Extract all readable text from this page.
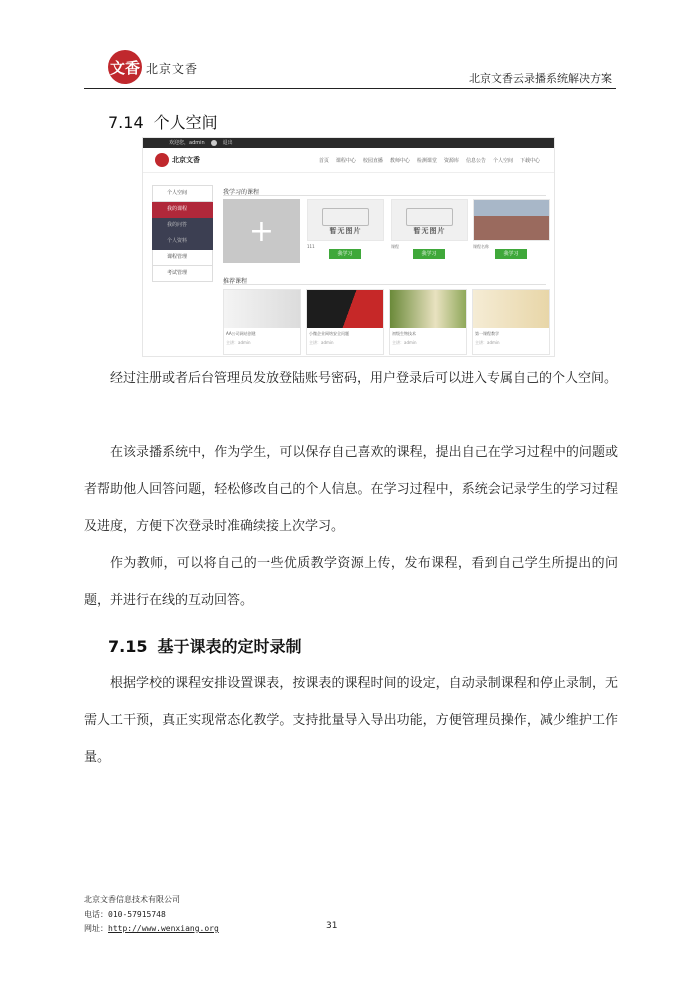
文香 北京文香
北京文香云录播系统解决方案
7.14 个人空间
欢迎您，admin	退出
北京文香	首页 课程中心 校园直播 教师中心 检测课堂 资源库 信息公告 个人空间 下载中心
个人空间
我的课程
我的问答
个人资料
课程管理
考试管理
我学习的课程
+	暂无图片
111
我学习
暂无图片
课程
我学习
课程名称
我学习
推荐课程
AA公司网站创建
主讲：admin
小微企业网络安全问题
主讲：admin
初级生物技术
主讲：admin
第一课程教学
主讲：admin
经过注册或者后台管理员发放登陆账号密码，用户登录后可以进入专属自己的个人空间。
在该录播系统中，作为学生，可以保存自己喜欢的课程，提出自己在学习过程中的问题或者帮助他人回答问题，轻松修改自己的个人信息。在学习过程中，系统会记录学生的学习过程及进度，方便下次登录时准确续接上次学习。
作为教师，可以将自己的一些优质教学资源上传，发布课程，看到自己学生所提出的问题，并进行在线的互动回答。
7.15 基于课表的定时录制
根据学校的课程安排设置课表，按课表的课程时间的设定，自动录制课程和停止录制，无需人工干预，真正实现常态化教学。支持批量导入导出功能，方便管理员操作，减少维护工作量。
北京文香信息技术有限公司
电话：010-57915748
网址：http://www.wenxiang.org	31
